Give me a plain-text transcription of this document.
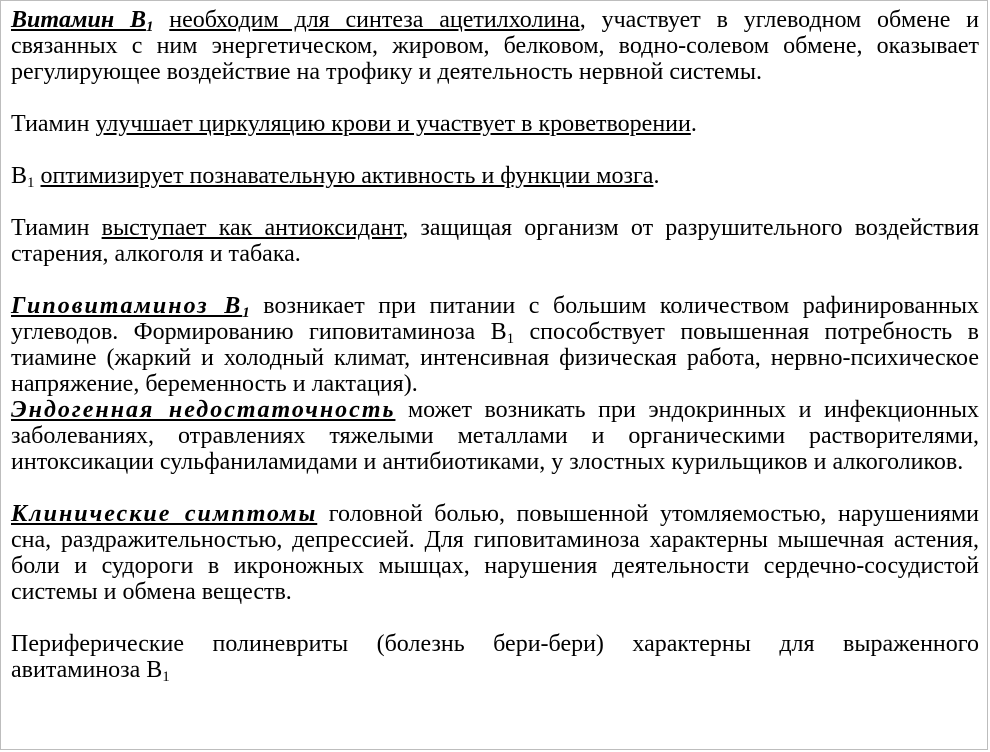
Витамин $В_1$ необходим для синтеза ацетилхолина, участвует в углеводном обмене и связанных с ним энергетическом, жировом, белковом, водно-солевом обмене, оказывает регулирующее воздействие на трофику и деятельность нервной системы.

Тиамин улучшает циркуляцию крови и участвует в кроветворении.

$В_1$ оптимизирует познавательную активность и функции мозга.

Тиамин выступает как антиоксидант, защищая организм от разрушительного воздействия старения, алкоголя и табака.

Гиповитаминоз $В_1$ возникает при питании с большим количеством рафинированных углеводов. Формированию гиповитаминоза $В_1$ способствует повышенная потребность в тиамине (жаркий и холодный климат, интенсивная физическая работа, нервно-психическое напряжение, беременность и лактация).

Эндогенная недостаточность может возникать при эндокринных и инфекционных заболеваниях, отравлениях тяжелыми металлами и органическими растворителями, интоксикации сульфаниламидами и антибиотиками, у злостных курильщиков и алкоголиков.

Клинические симптомы головной болью, повышенной утомляемостью, нарушениями сна, раздражительностью, депрессией. Для гиповитаминоза характерны мышечная астения, боли и судороги в икроножных мышцах, нарушения деятельности сердечно-сосудистой системы и обмена веществ.

Периферические полиневриты (болезнь бери-бери) характерны для выраженного авитаминоза $В_1$
